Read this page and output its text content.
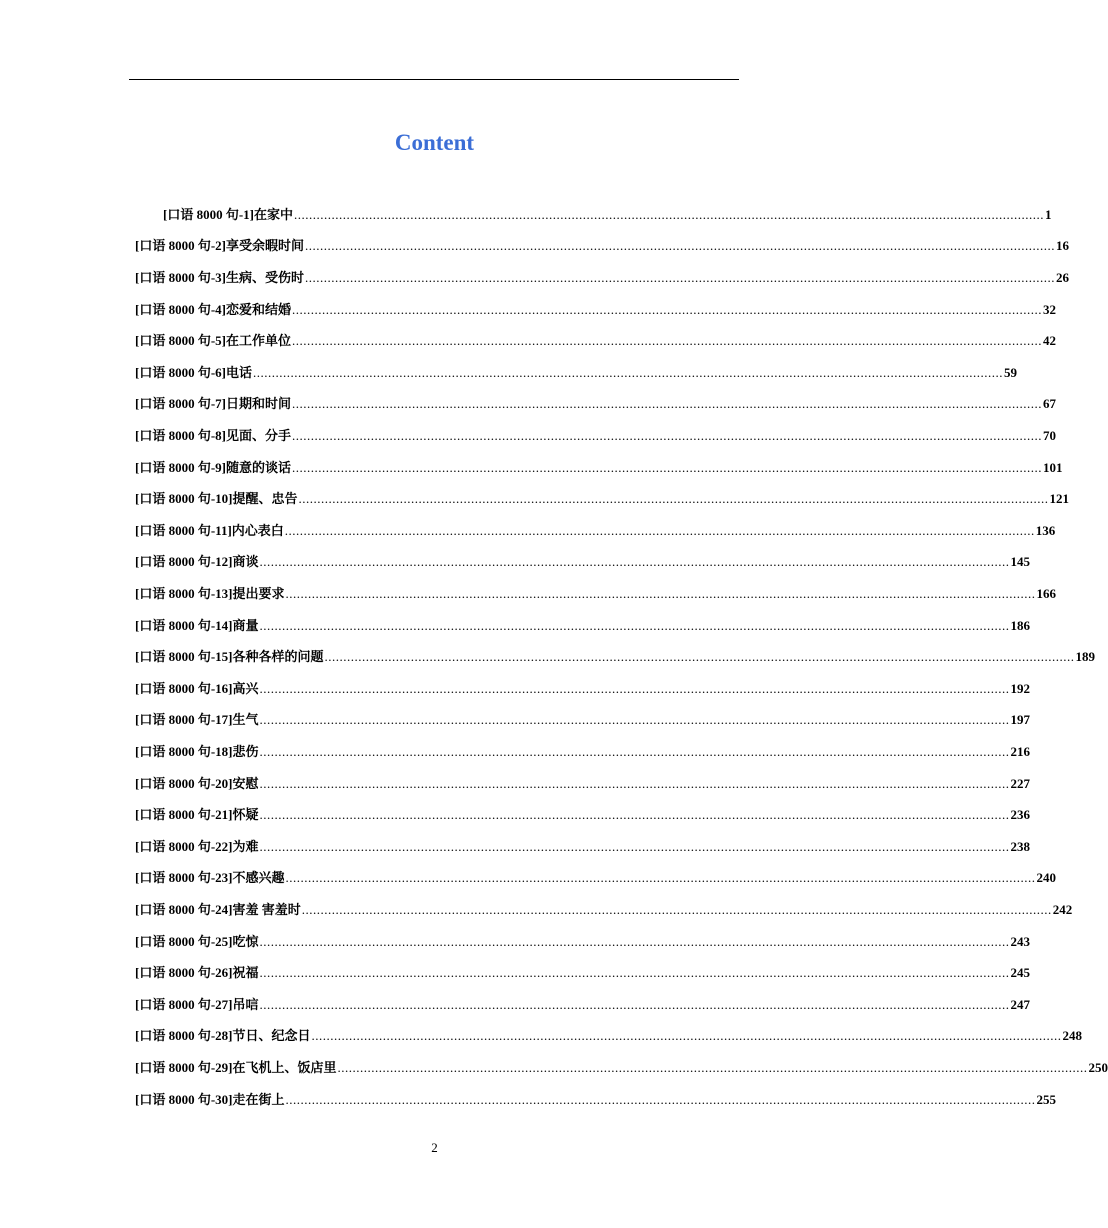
Content
[口语 8000 句-1]在家中 ........................................................................................................................................................................................................ 1
[口语 8000 句-2]享受余暇时间 ........................................................................................................................................................................................................ 16
[口语 8000 句-3]生病、受伤时 ........................................................................................................................................................................................................ 26
[口语 8000 句-4]恋爱和结婚 ........................................................................................................................................................................................................ 32
[口语 8000 句-5]在工作单位 ........................................................................................................................................................................................................ 42
[口语 8000 句-6]电话 ........................................................................................................................................................................................................ 59
[口语 8000 句-7]日期和时间 ........................................................................................................................................................................................................ 67
[口语 8000 句-8]见面、分手 ........................................................................................................................................................................................................ 70
[口语 8000 句-9]随意的谈话 ........................................................................................................................................................................................................ 101
[口语 8000 句-10]提醒、忠告 ........................................................................................................................................................................................................ 121
[口语 8000 句-11]内心表白 ........................................................................................................................................................................................................ 136
[口语 8000 句-12]商谈 ........................................................................................................................................................................................................ 145
[口语 8000 句-13]提出要求 ........................................................................................................................................................................................................ 166
[口语 8000 句-14]商量 ........................................................................................................................................................................................................ 186
[口语 8000 句-15]各种各样的问题 ........................................................................................................................................................................................................ 189
[口语 8000 句-16]高兴 ........................................................................................................................................................................................................ 192
[口语 8000 句-17]生气 ........................................................................................................................................................................................................ 197
[口语 8000 句-18]悲伤 ........................................................................................................................................................................................................ 216
[口语 8000 句-20]安慰 ........................................................................................................................................................................................................ 227
[口语 8000 句-21]怀疑 ........................................................................................................................................................................................................ 236
[口语 8000 句-22]为难 ........................................................................................................................................................................................................ 238
[口语 8000 句-23]不感兴趣 ........................................................................................................................................................................................................ 240
[口语 8000 句-24]害羞 害羞时 ........................................................................................................................................................................................................ 242
[口语 8000 句-25]吃惊 ........................................................................................................................................................................................................ 243
[口语 8000 句-26]祝福 ........................................................................................................................................................................................................ 245
[口语 8000 句-27]吊唁 ........................................................................................................................................................................................................ 247
[口语 8000 句-28]节日、纪念日 ........................................................................................................................................................................................................ 248
[口语 8000 句-29]在飞机上、饭店里 ........................................................................................................................................................................................................ 250
[口语 8000 句-30]走在街上 ........................................................................................................................................................................................................ 255
2
